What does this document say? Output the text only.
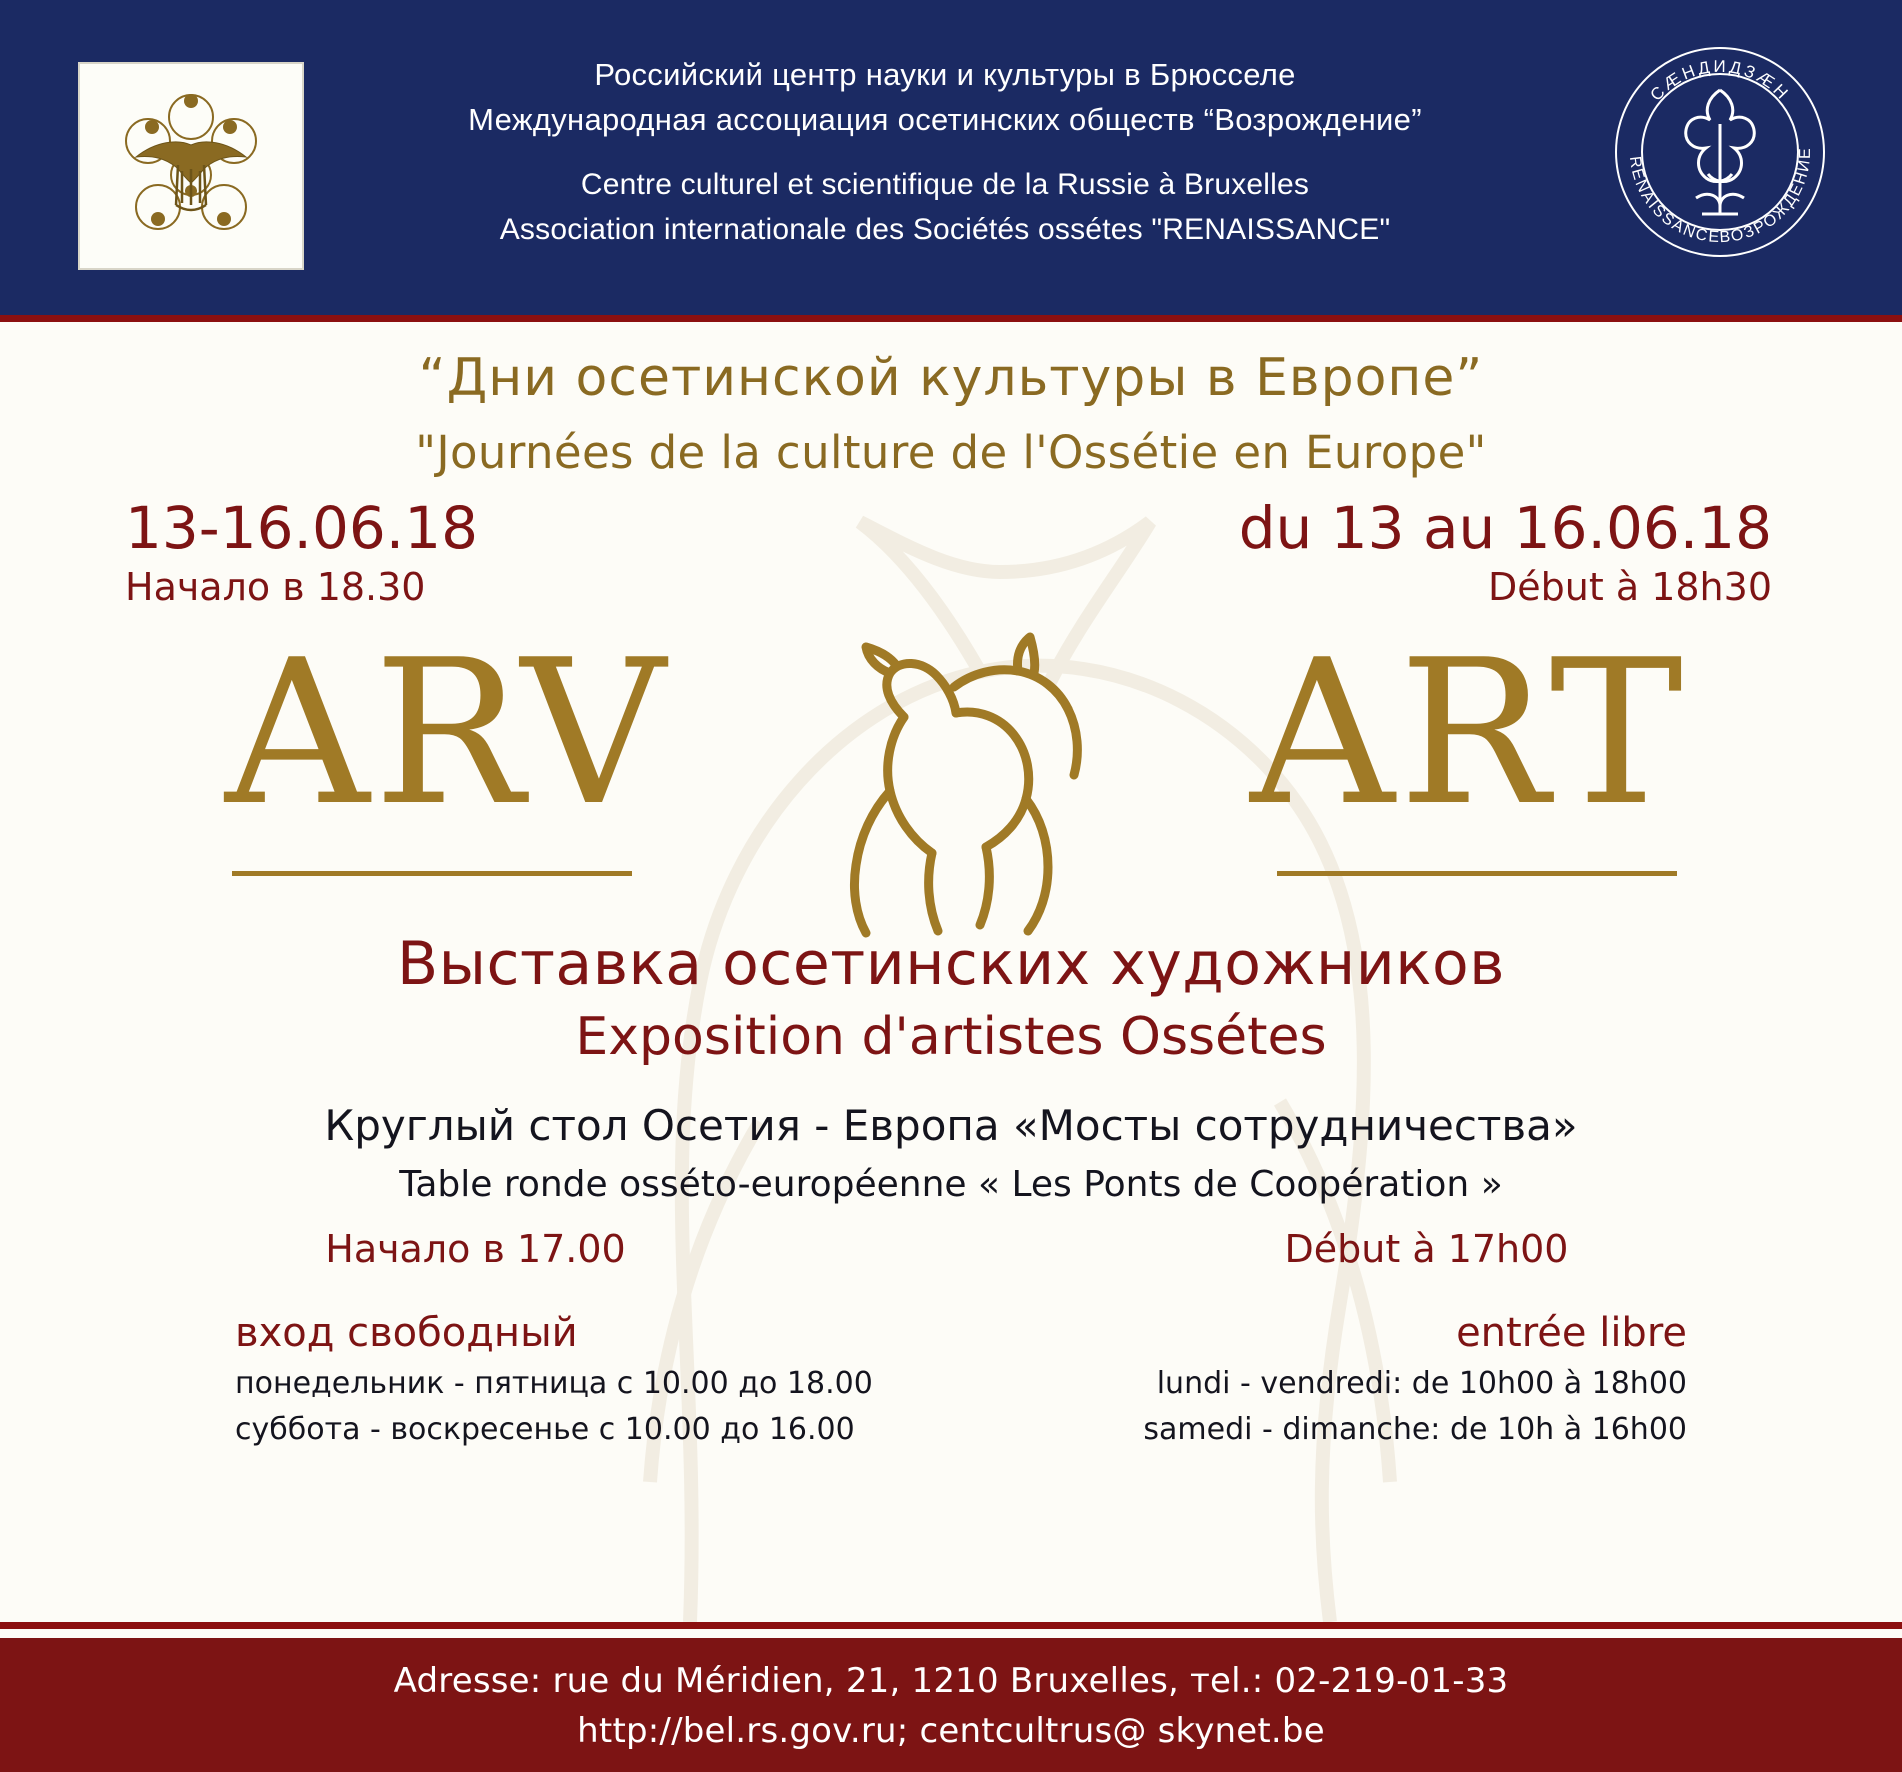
Российский центр науки и культуры в Брюсселе
Международная ассоциация осетинских обществ “Возрождение”
Centre culturel et scientifique de la Russie à Bruxelles
Association internationale des Sociétés ossétes "RENAISSANCE"
СÆНДИДЗÆН
RENAISSANCE
ВОЗРОЖДЕНИЕ
“Дни осетинской культуры в Европе”
"Journées de la culture de l'Ossétie en Europe"
13-16.06.18
Начало в 18.30
du 13 au 16.06.18
Début à 18h30
ARV	ART
Выставка осетинских художников
Exposition d'artistes Ossétes
Круглый стол Осетия - Европа «Мосты сотрудничества»
Table ronde osséto-européenne « Les Ponts de Coopération »
Начало в 17.00	Début à 17h00
вход свободный
понедельник - пятница с 10.00 до 18.00
суббота - воскресенье с 10.00 до 16.00
entrée libre
lundi - vendredi: de 10h00 à 18h00
samedi - dimanche: de 10h à 16h00
Adresse: rue du Méridien, 21, 1210 Bruxelles, тel.: 02-219-01-33
http://bel.rs.gov.ru; centcultrus@ skynet.be
